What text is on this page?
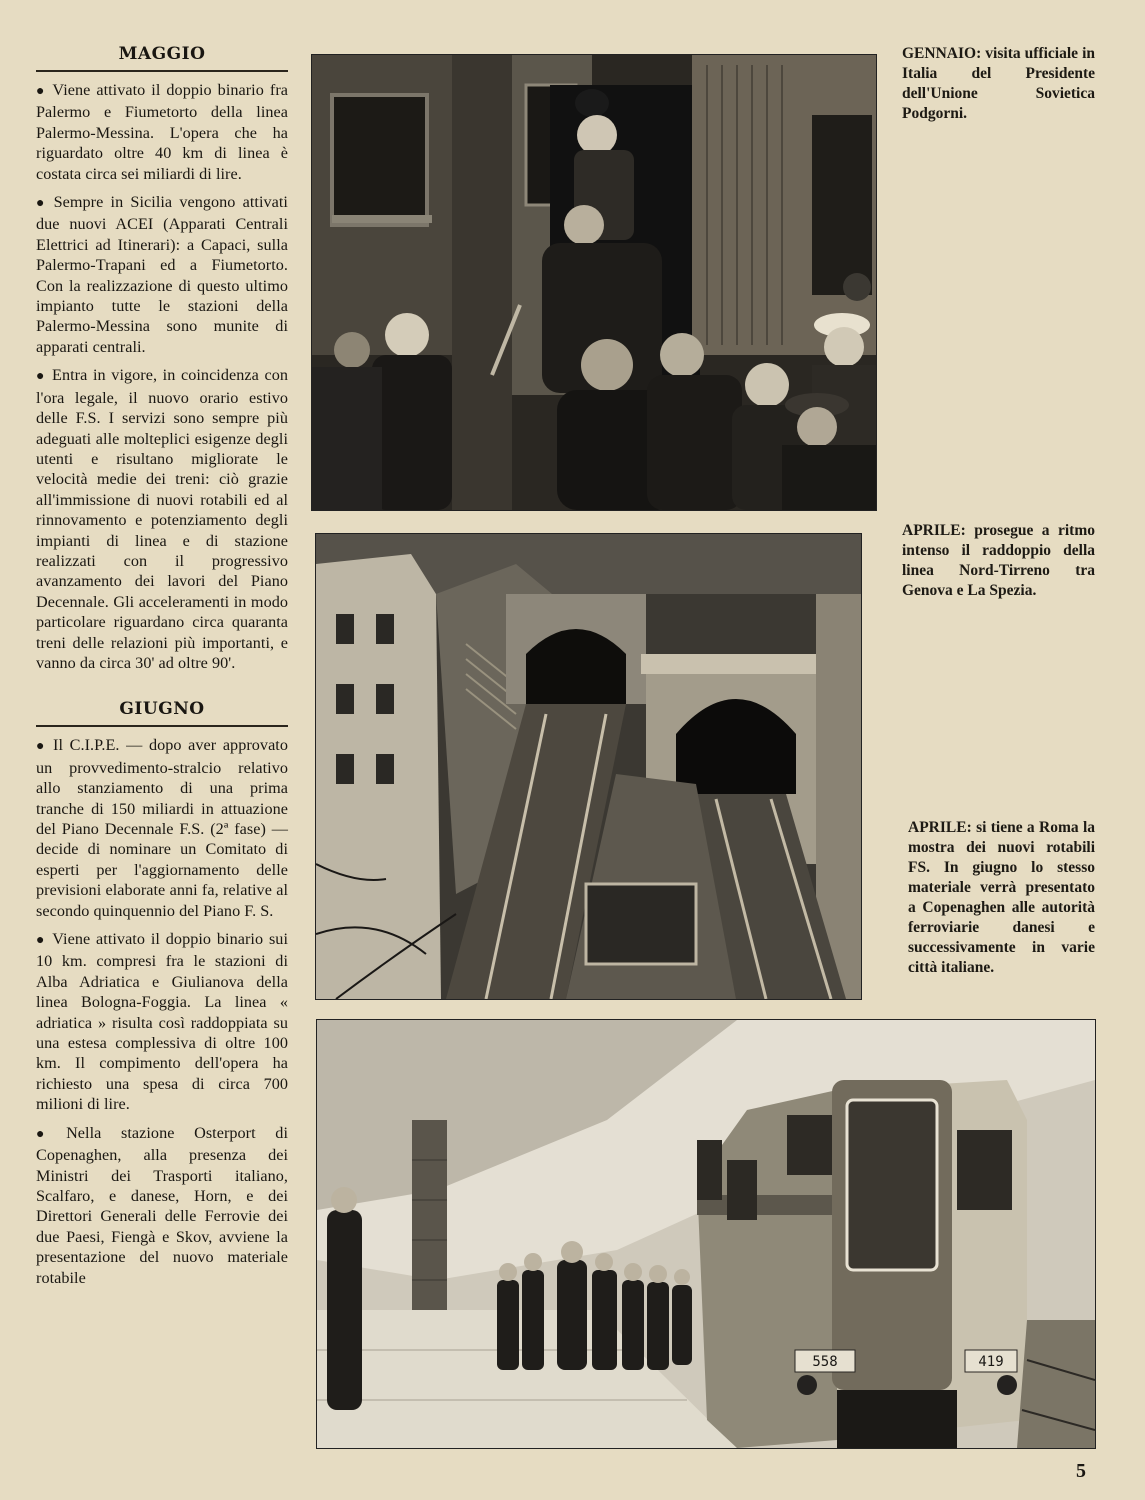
MAGGIO

● Viene attivato il doppio binario fra Palermo e Fiumetorto della linea Palermo-Messina. L'opera che ha riguardato oltre 40 km di linea è costata circa sei miliardi di lire.

● Sempre in Sicilia vengono attivati due nuovi ACEI (Apparati Centrali Elettrici ad Itinerari): a Capaci, sulla Palermo-Trapani ed a Fiumetorto. Con la realizzazione di questo ultimo impianto tutte le stazioni della Palermo-Messina sono munite di apparati centrali.

● Entra in vigore, in coincidenza con l'ora legale, il nuovo orario estivo delle F.S. I servizi sono sempre più adeguati alle molteplici esigenze degli utenti e risultano migliorate le velocità medie dei treni: ciò grazie all'immissione di nuovi rotabili ed al rinnovamento e potenziamento degli impianti di linea e di stazione realizzati con il progressivo avanzamento dei lavori del Piano Decennale. Gli acceleramenti in modo particolare riguardano circa quaranta treni delle relazioni più importanti, e vanno da circa 30' ad oltre 90'.

GIUGNO

● Il C.I.P.E. — dopo aver approvato un provvedimento-stralcio relativo allo stanziamento di una prima tranche di 150 miliardi in attuazione del Piano Decennale F.S. (2ª fase) — decide di nominare un Comitato di esperti per l'aggiornamento delle previsioni elaborate anni fa, relative al secondo quinquennio del Piano F. S.

● Viene attivato il doppio binario sui 10 km. compresi fra le stazioni di Alba Adriatica e Giulianova della linea Bologna-Foggia. La linea « adriatica » risulta così raddoppiata su una estesa complessiva di oltre 100 km. Il compimento dell'opera ha richiesto una spesa di circa 700 milioni di lire.

● Nella stazione Osterport di Copenaghen, alla presenza dei Ministri dei Trasporti italiano, Scalfaro, e danese, Horn, e dei Direttori Generali delle Ferrovie dei due Paesi, Fiengà e Skov, avviene la presentazione del nuovo materiale rotabile

558	419
GENNAIO: visita ufficiale in Italia del Presidente dell'Unione Sovietica Podgorni.
APRILE: prosegue a ritmo intenso il raddoppio della linea Nord-Tirreno tra Genova e La Spezia.
APRILE: si tiene a Roma la mostra dei nuovi rotabili FS. In giugno lo stesso materiale verrà presentato a Copenaghen alle autorità ferroviarie danesi e successivamente in varie città italiane.
5
